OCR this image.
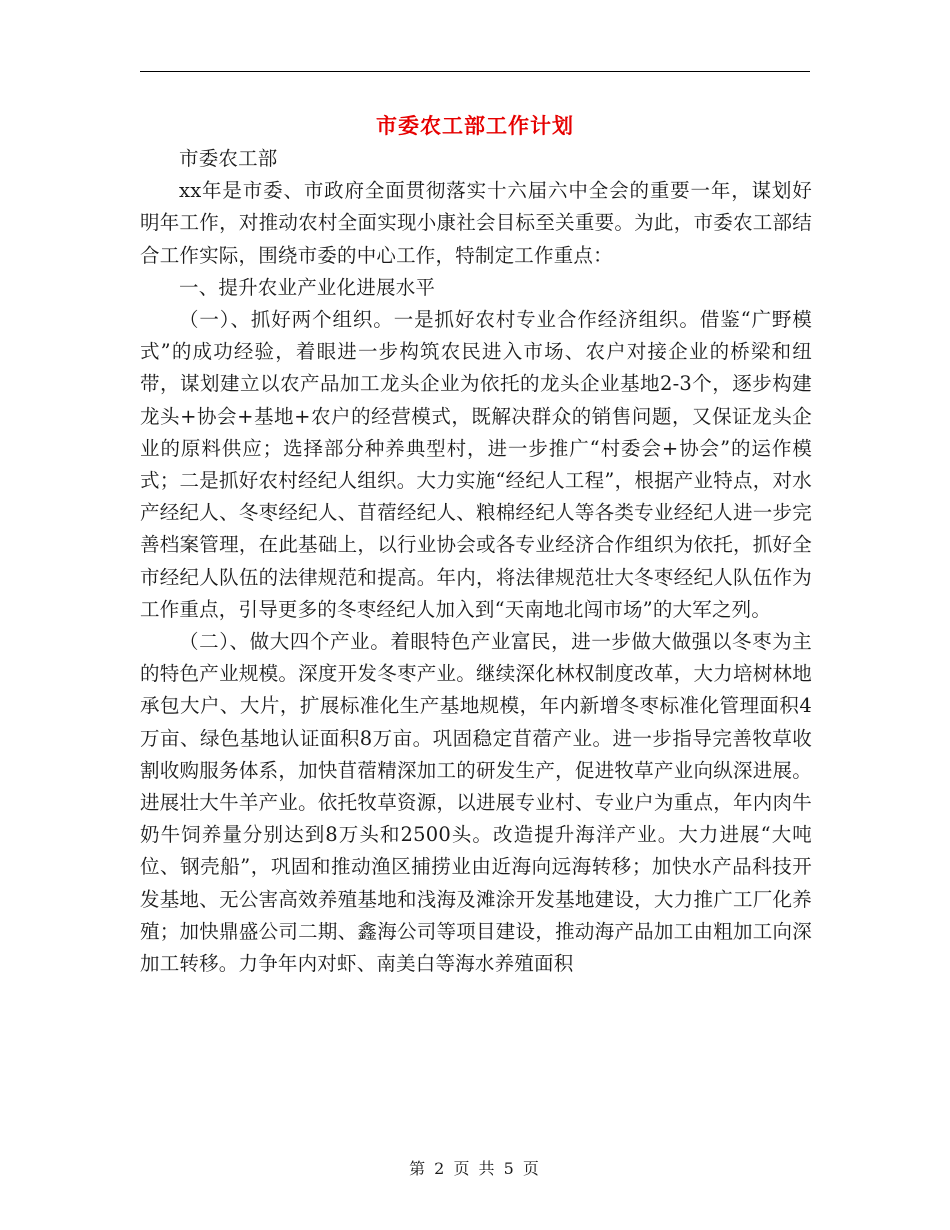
市委农工部工作计划

市委农工部

xx年是市委、市政府全面贯彻落实十六届六中全会的重要一年，谋划好明年工作，对推动农村全面实现小康社会目标至关重要。为此，市委农工部结合工作实际，围绕市委的中心工作，特制定工作重点：

一、提升农业产业化进展水平

（一）、抓好两个组织。一是抓好农村专业合作经济组织。借鉴“广野模式”的成功经验，着眼进一步构筑农民进入市场、农户对接企业的桥梁和纽带，谋划建立以农产品加工龙头企业为依托的龙头企业基地2-3个，逐步构建龙头+协会+基地+农户的经营模式，既解决群众的销售问题，又保证龙头企业的原料供应；选择部分种养典型村，进一步推广“村委会+协会”的运作模式；二是抓好农村经纪人组织。大力实施“经纪人工程”，根据产业特点，对水产经纪人、冬枣经纪人、苜蓿经纪人、粮棉经纪人等各类专业经纪人进一步完善档案管理，在此基础上，以行业协会或各专业经济合作组织为依托，抓好全市经纪人队伍的法律规范和提高。年内，将法律规范壮大冬枣经纪人队伍作为工作重点，引导更多的冬枣经纪人加入到“天南地北闯市场”的大军之列。

（二）、做大四个产业。着眼特色产业富民，进一步做大做强以冬枣为主的特色产业规模。深度开发冬枣产业。继续深化林权制度改革，大力培树林地承包大户、大片，扩展标准化生产基地规模，年内新增冬枣标准化管理面积4万亩、绿色基地认证面积8万亩。巩固稳定苜蓿产业。进一步指导完善牧草收割收购服务体系，加快苜蓿精深加工的研发生产，促进牧草产业向纵深进展。进展壮大牛羊产业。依托牧草资源，以进展专业村、专业户为重点，年内肉牛奶牛饲养量分别达到8万头和2500头。改造提升海洋产业。大力进展“大吨位、钢壳船”，巩固和推动渔区捕捞业由近海向远海转移；加快水产品科技开发基地、无公害高效养殖基地和浅海及滩涂开发基地建设，大力推广工厂化养殖；加快鼎盛公司二期、鑫海公司等项目建设，推动海产品加工由粗加工向深加工转移。力争年内对虾、南美白等海水养殖面积

第 2 页 共 5 页
